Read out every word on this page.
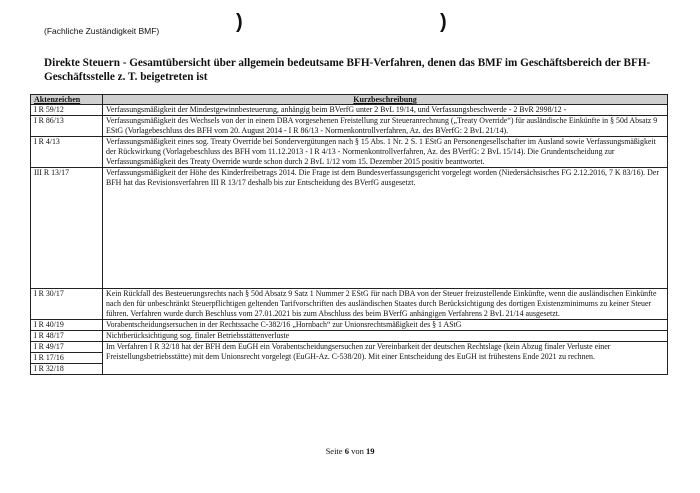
(Fachliche Zuständigkeit BMF)	)	)
Direkte Steuern - Gesamtübersicht über allgemein bedeutsame BFH-Verfahren, denen das BMF im Geschäftsbereich der BFH-Geschäftsstelle z. T. beigetreten ist
Aktenzeichen	Kurzbeschreibung
I R 59/12	Verfassungsmäßigkeit der Mindestgewinnbesteuerung, anhängig beim BVerfG unter 2 BvL 19/14, und Verfassungsbeschwerde - 2 BvR 2998/12 -
I R 86/13	Verfassungsmäßigkeit des Wechsels von der in einem DBA vorgesehenen Freistellung zur Steueranrechnung („Treaty Override“) für ausländische Einkünfte in § 50d Absatz 9 EStG (Vorlagebeschluss des BFH vom 20. August 2014 - I R 86/13 - Normenkontrollverfahren, Az. des BVerfG: 2 BvL 21/14).
I R 4/13	Verfassungsmäßigkeit eines sog. Treaty Override bei Sondervergütungen nach § 15 Abs. 1 Nr. 2 S. 1 EStG an Personengesellschafter im Ausland sowie Verfassungsmäßigkeit der Rückwirkung (Vorlagebeschluss des BFH vom 11.12.2013 - I R 4/13 - Normenkontrollverfahren, Az. des BVerfG: 2 BvL 15/14). Die Grundentscheidung zur Verfassungsmäßigkeit des Treaty Override wurde schon durch 2 BvL 1/12 vom 15. Dezember 2015 positiv beantwortet.
III R 13/17	Verfassungsmäßigkeit der Höhe des Kinderfreibetrags 2014. Die Frage ist dem Bundesverfassungsgericht vorgelegt worden (Niedersächsisches FG 2.12.2016, 7 K 83/16). Der BFH hat das Revisionsverfahren III R 13/17 deshalb bis zur Entscheidung des BVerfG ausgesetzt.
I R 30/17	Kein Rückfall des Besteuerungsrechts nach § 50d Absatz 9 Satz 1 Nummer 2 EStG für nach DBA von der Steuer freizustellende Einkünfte, wenn die ausländischen Einkünfte nach den für unbeschränkt Steuerpflichtigen geltenden Tarifvorschriften des ausländischen Staates durch Berücksichtigung des dortigen Existenzminimums zu keiner Steuer führen. Verfahren wurde durch Beschluss vom 27.01.2021 bis zum Abschluss des beim BVerfG anhängigen Verfahrens 2 BvL 21/14 ausgesetzt.
I R 40/19	Vorabentscheidungsersuchen in der Rechtssache C-382/16 „Hornbach“ zur Unionsrechtsmäßigkeit des § 1 AStG
I R 48/17	Nichtberücksichtigung sog. finaler Betriebsstättenverluste
I R 49/17	Im Verfahren I R 32/18 hat der BFH dem EuGH ein Vorabentscheidungsersuchen zur Vereinbarkeit der deutschen Rechtslage (kein Abzug finaler Verluste einer Freistellungsbetriebsstätte) mit dem Unionsrecht vorgelegt (EuGH-Az. C-538/20). Mit einer Entscheidung des EuGH ist frühestens Ende 2021 zu rechnen.
I R 17/16	
I R 32/18	
Seite 6 von 19
